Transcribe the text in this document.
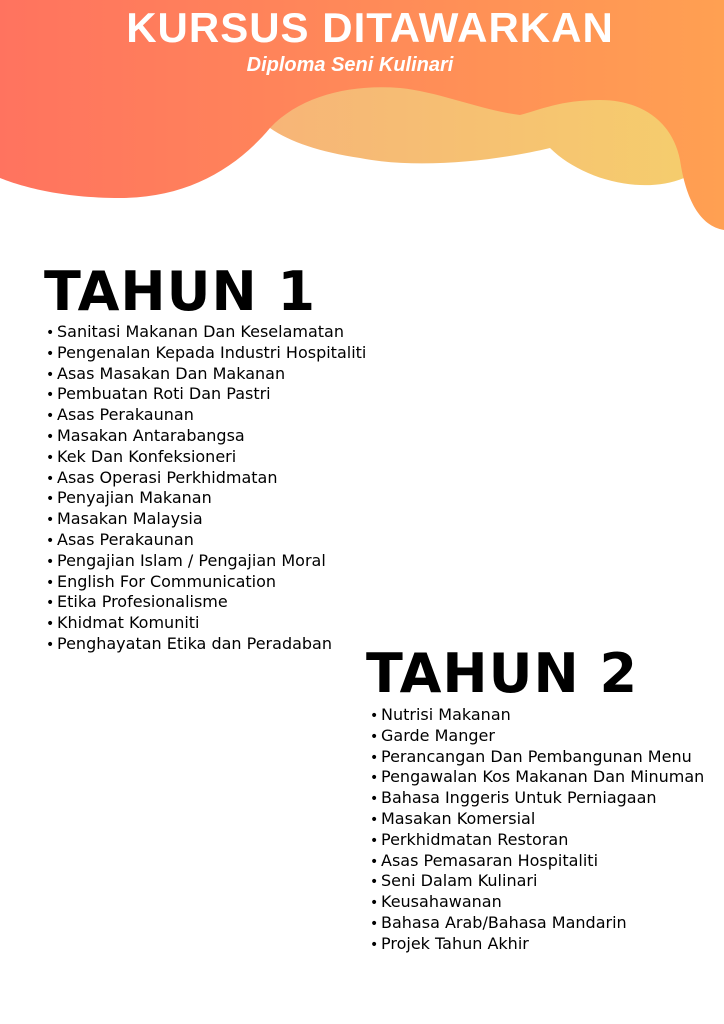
KURSUS DITAWARKAN
Diploma Seni Kulinari
TAHUN 1
• Sanitasi Makanan Dan Keselamatan
• Pengenalan Kepada Industri Hospitaliti
• Asas Masakan Dan Makanan
• Pembuatan Roti Dan Pastri
• Asas Perakaunan
• Masakan Antarabangsa
• Kek Dan Konfeksioneri
• Asas Operasi Perkhidmatan
• Penyajian Makanan
• Masakan Malaysia
• Asas Perakaunan
• Pengajian Islam / Pengajian Moral
• English For Communication
• Etika Profesionalisme
• Khidmat Komuniti
• Penghayatan Etika dan Peradaban TAHUN 2
• Nutrisi Makanan
• Garde Manger
• Perancangan Dan Pembangunan Menu
• Pengawalan Kos Makanan Dan Minuman
• Bahasa Inggeris Untuk Perniagaan
• Masakan Komersial
• Perkhidmatan Restoran
• Asas Pemasaran Hospitaliti
• Seni Dalam Kulinari
• Keusahawanan
• Bahasa Arab/Bahasa Mandarin
• Projek Tahun Akhir
